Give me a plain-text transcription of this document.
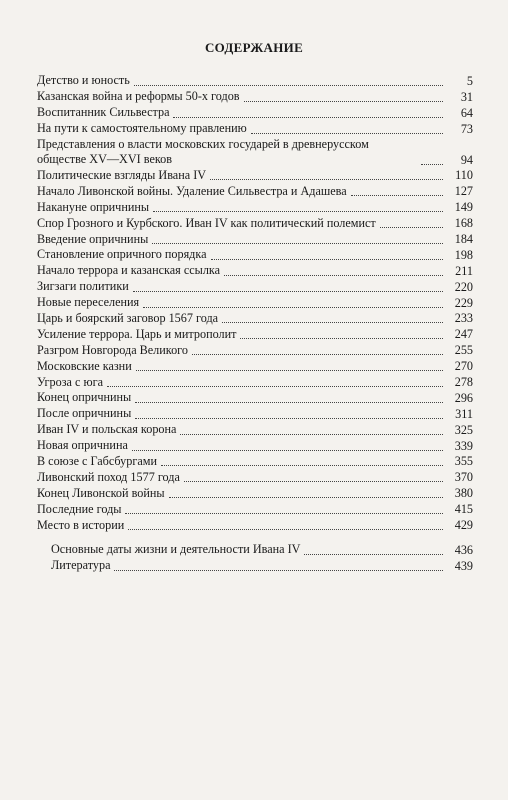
СОДЕРЖАНИЕ
Детство и юность	5
Казанская война и реформы 50-х годов	31
Воспитанник Сильвестра	64
На пути к самостоятельному правлению	73
Представления о власти московских государей в древнерусском обществе XV—XVI веков	94
Политические взгляды Ивана IV	110
Начало Ливонской войны. Удаление Сильвестра и Адашева	127
Накануне опричнины	149
Спор Грозного и Курбского. Иван IV как политический полемист	168
Введение опричнины	184
Становление опричного порядка	198
Начало террора и казанская ссылка	211
Зигзаги политики	220
Новые переселения	229
Царь и боярский заговор 1567 года	233
Усиление террора. Царь и митрополит	247
Разгром Новгорода Великого	255
Московские казни	270
Угроза с юга	278
Конец опричнины	296
После опричнины	311
Иван IV и польская корона	325
Новая опричнина	339
В союзе с Габсбургами	355
Ливонский поход 1577 года	370
Конец Ливонской войны	380
Последние годы	415
Место в истории	429
Основные даты жизни и деятельности Ивана IV	436
Литература	439
